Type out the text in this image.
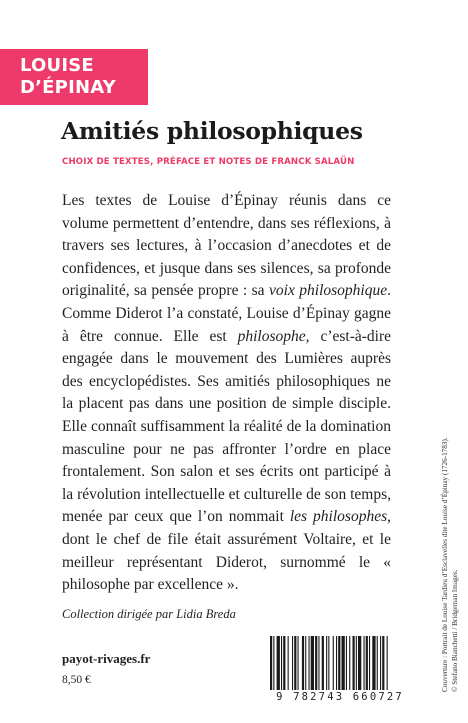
LOUISE
D’ÉPINAY
Amitiés philosophiques
CHOIX DE TEXTES, PRÉFACE ET NOTES DE FRANCK SALAÜN

Les textes de Louise d’Épinay réunis dans ce volume permettent d’entendre, dans ses réflexions, à travers ses lectures, à l’occasion d’anecdotes et de confidences, et jusque dans ses silences, sa profonde originalité, sa pensée propre : sa voix philosophique. Comme Diderot l’a constaté, Louise d’Épinay gagne à être connue. Elle est philosophe, c’est-à-dire engagée dans le mouvement des Lumières auprès des encyclopédistes. Ses amitiés philosophiques ne la placent pas dans une position de simple disciple. Elle connaît suffisamment la réalité de la domination masculine pour ne pas affronter l’ordre en place frontalement. Son salon et ses écrits ont participé à la révolution intellectuelle et culturelle de son temps, menée par ceux que l’on nommait les philosophes, dont le chef de file était assurément Voltaire, et le meilleur représentant Diderot, surnommé le « philosophe par excellence ».

Collection dirigée par Lidia Breda
payot-rivages.fr
8,50 €
9 782743 660727
Couverture : Portrait de Louise Tardieu d’Esclavelles dite Louise d’Épinay (1726-1783). © Stefano Bianchetti / Bridgeman Images.
